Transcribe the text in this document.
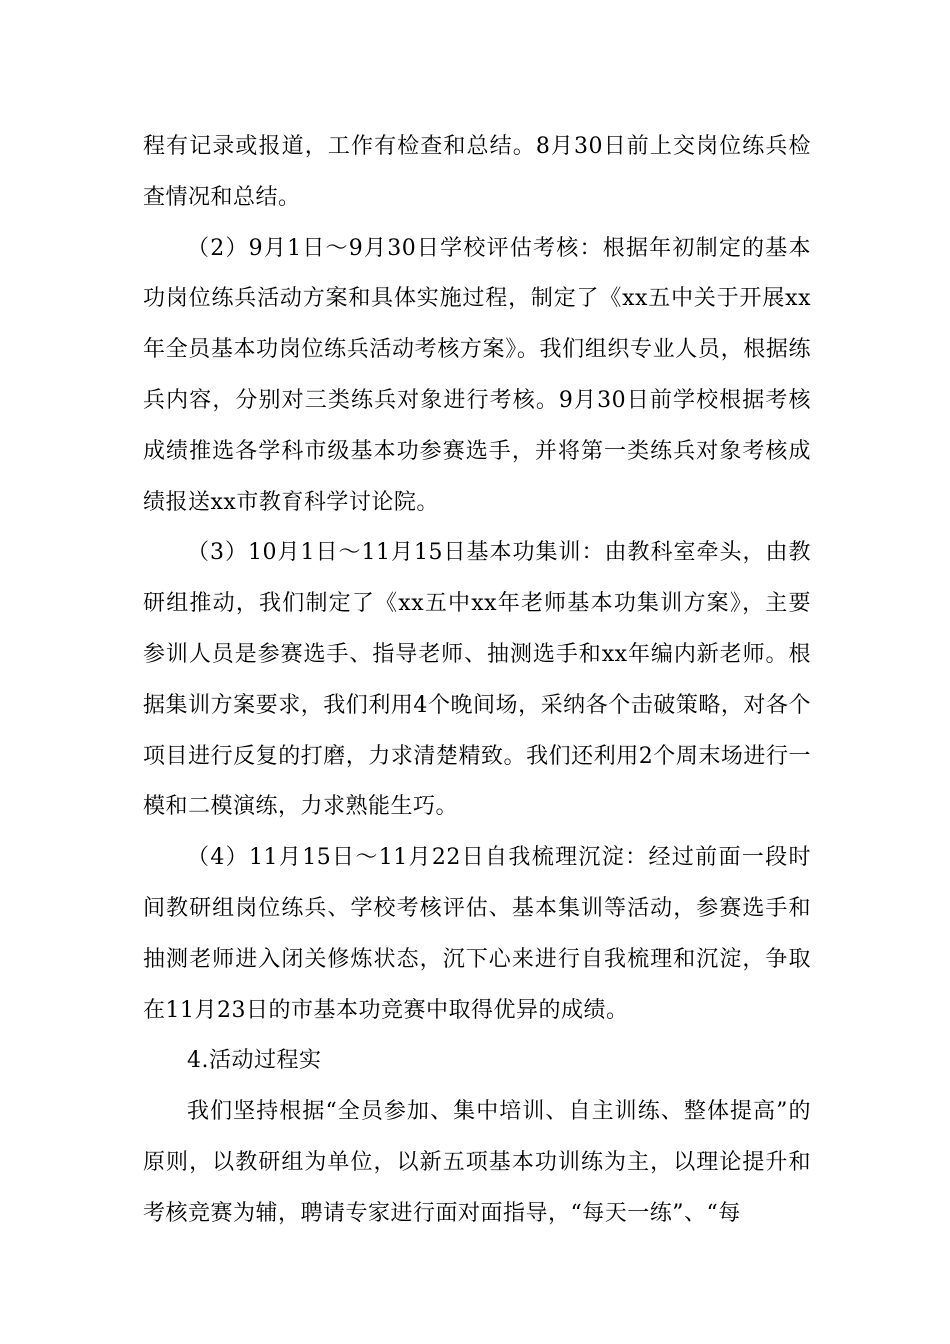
程有记录或报道，工作有检查和总结。8月30日前上交岗位练兵检查情况和总结。

（2）9月1日～9月30日学校评估考核：根据年初制定的基本功岗位练兵活动方案和具体实施过程，制定了《xx五中关于开展xx年全员基本功岗位练兵活动考核方案》。我们组织专业人员，根据练兵内容，分别对三类练兵对象进行考核。9月30日前学校根据考核成绩推选各学科市级基本功参赛选手，并将第一类练兵对象考核成绩报送xx市教育科学讨论院。

（3）10月1日～11月15日基本功集训：由教科室牵头，由教研组推动，我们制定了《xx五中xx年老师基本功集训方案》，主要参训人员是参赛选手、指导老师、抽测选手和xx年编内新老师。根据集训方案要求，我们利用4个晚间场，采纳各个击破策略，对各个项目进行反复的打磨，力求清楚精致。我们还利用2个周末场进行一模和二模演练，力求熟能生巧。

（4）11月15日～11月22日自我梳理沉淀：经过前面一段时间教研组岗位练兵、学校考核评估、基本集训等活动，参赛选手和抽测老师进入闭关修炼状态，沉下心来进行自我梳理和沉淀，争取在11月23日的市基本功竞赛中取得优异的成绩。

4.活动过程实

我们坚持根据“全员参加、集中培训、自主训练、整体提高”的原则，以教研组为单位，以新五项基本功训练为主，以理论提升和考核竞赛为辅，聘请专家进行面对面指导，“每天一练”、“每
